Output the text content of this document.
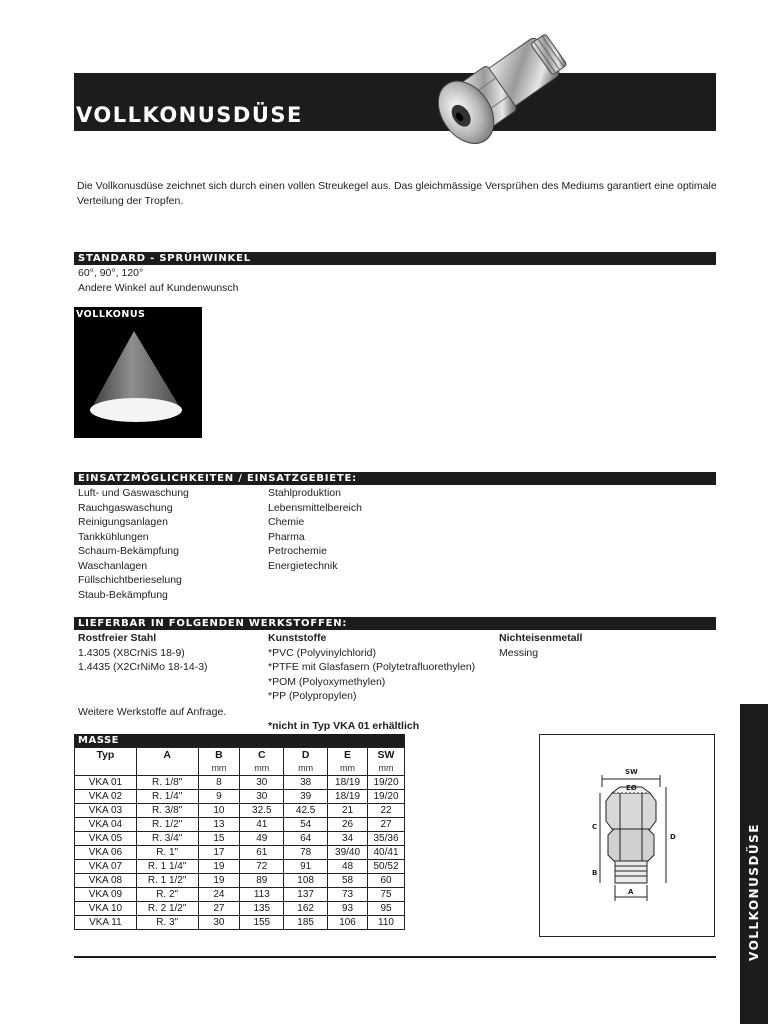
VOLLKONUSDÜSE
Die Vollkonusdüse zeichnet sich durch einen vollen Streukegel aus. Das gleichmässige Versprühen des Mediums garantiert eine optimale Verteilung der Tropfen.
STANDARD - SPRÜHWINKEL
60°, 90°, 120°
Andere Winkel auf Kundenwunsch
VOLLKONUS
EINSATZMÖGLICHKEITEN / EINSATZGEBIETE:
Luft- und Gaswaschung
Rauchgaswaschung
Reinigungsanlagen
Tankkühlungen
Schaum-Bekämpfung
Waschanlagen
Füllschichtberieselung
Staub-Bekämpfung
Stahlproduktion
Lebensmittelbereich
Chemie
Pharma
Petrochemie
Energietechnik
LIEFERBAR IN FOLGENDEN WERKSTOFFEN:
Rostfreier Stahl
1.4305 (X8CrNiS 18-9)
1.4435 (X2CrNiMo 18-14-3)
Kunststoffe
*PVC (Polyvinylchlorid)
*PTFE mit Glasfasern (Polytetrafluorethylen)
*POM (Polyoxymethylen)
*PP (Polypropylen)
Nichteisenmetall
Messing
Weitere Werkstoffe auf Anfrage.
*nicht in Typ VKA 01 erhältlich
MASSE
Typ	A	B	C	D	E	SW
		mm	mm	mm	mm	mm
VKA 01	R. 1/8"	8	30	38	18/19	19/20
VKA 02	R. 1/4"	9	30	39	18/19	19/20
VKA 03	R. 3/8"	10	32.5	42.5	21	22
VKA 04	R. 1/2"	13	41	54	26	27
VKA 05	R. 3/4"	15	49	64	34	35/36
VKA 06	R. 1"	17	61	78	39/40	40/41
VKA 07	R. 1 1/4"	19	72	91	48	50/52
VKA 08	R. 1 1/2"	19	89	108	58	60
VKA 09	R. 2"	24	113	137	73	75
VKA 10	R. 2 1/2"	27	135	162	93	95
VKA 11	R. 3"	30	155	185	106	110
SW
EØ
C
D
B
A	VOLLKONUSDÜSE
